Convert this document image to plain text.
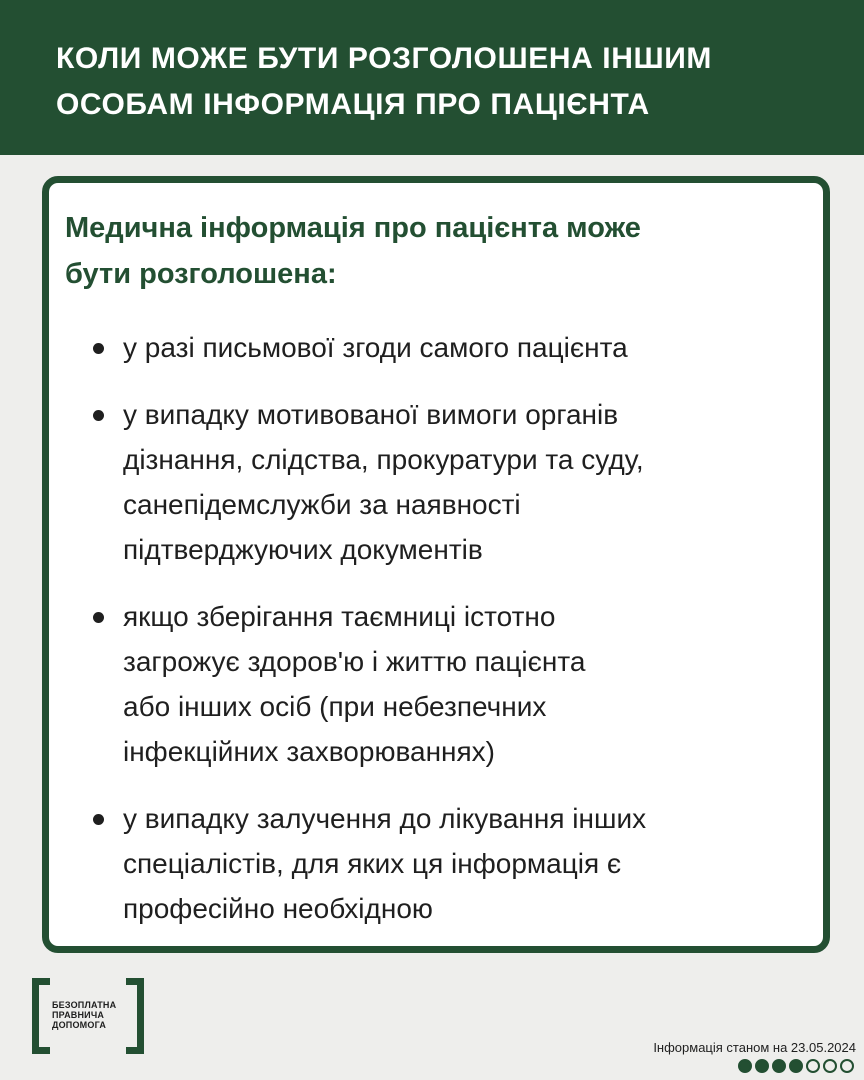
КОЛИ МОЖЕ БУТИ РОЗГОЛОШЕНА ІНШИМ
ОСОБАМ ІНФОРМАЦІЯ ПРО ПАЦІЄНТА
Медична інформація про пацієнта може
бути розголошена:
у разі письмової згоди самого пацієнта
у випадку мотивованої вимоги органів
дізнання, слідства, прокуратури та суду,
санепідемслужби за наявності
підтверджуючих документів
якщо зберігання таємниці істотно
загрожує здоров'ю і життю пацієнта
або інших осіб (при небезпечних
інфекційних захворюваннях)
у випадку залучення до лікування інших
спеціалістів, для яких ця інформація є
професійно необхідною
БЕЗОПЛАТНА
ПРАВНИЧА
ДОПОМОГА
Інформація станом на 23.05.2024
